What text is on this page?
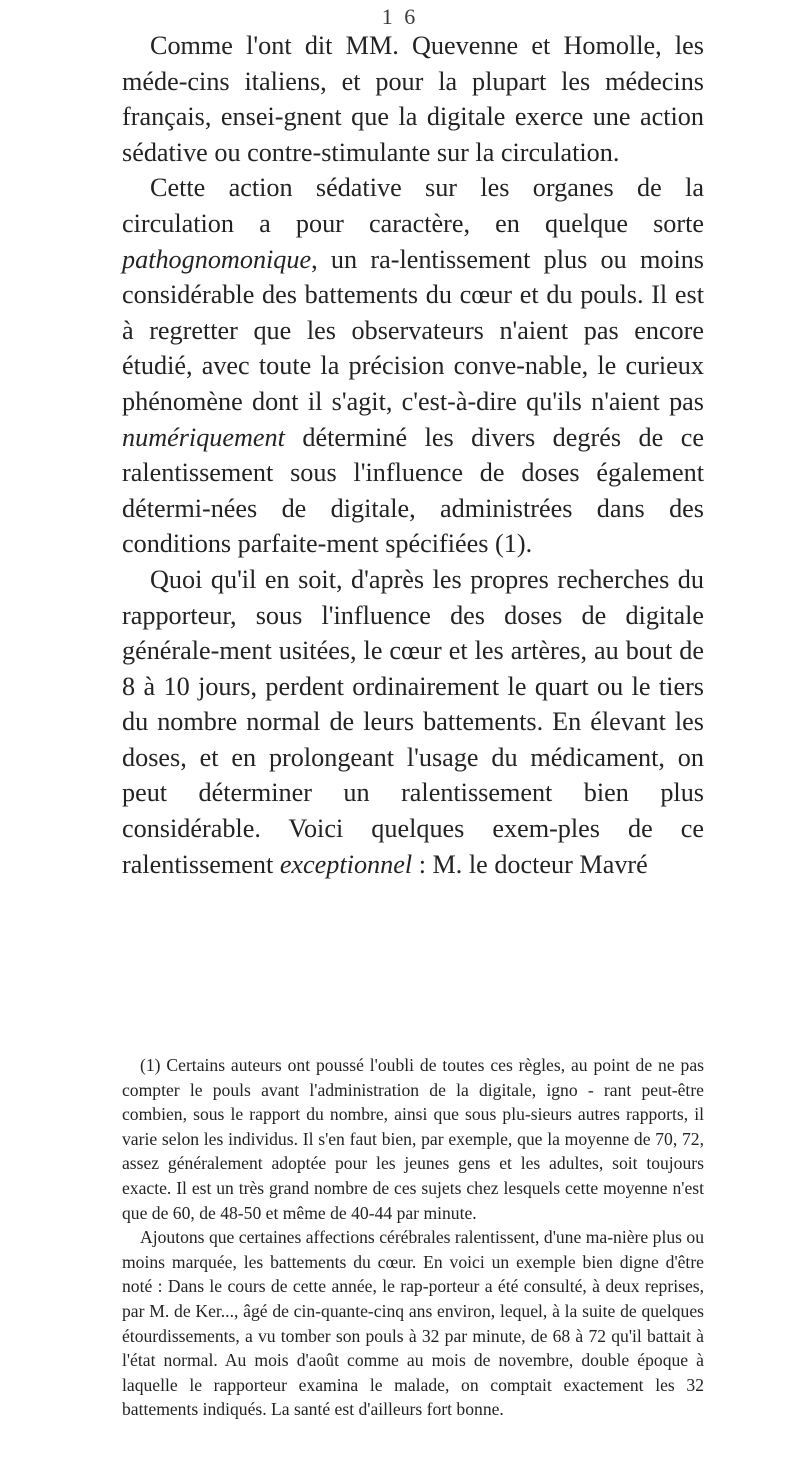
1 6

Comme l'ont dit MM. Quevenne et Homolle, les méde-cins italiens, et pour la plupart les médecins français, ensei-gnent que la digitale exerce une action sédative ou contre-stimulante sur la circulation.

Cette action sédative sur les organes de la circulation a pour caractère, en quelque sorte pathognomonique, un ra-lentissement plus ou moins considérable des battements du cœur et du pouls. Il est à regretter que les observateurs n'aient pas encore étudié, avec toute la précision conve-nable, le curieux phénomène dont il s'agit, c'est-à-dire qu'ils n'aient pas numériquement déterminé les divers degrés de ce ralentissement sous l'influence de doses également détermi-nées de digitale, administrées dans des conditions parfaite-ment spécifiées (1).

Quoi qu'il en soit, d'après les propres recherches du rapporteur, sous l'influence des doses de digitale générale-ment usitées, le cœur et les artères, au bout de 8 à 10 jours, perdent ordinairement le quart ou le tiers du nombre normal de leurs battements. En élevant les doses, et en prolongeant l'usage du médicament, on peut déterminer un ralentissement bien plus considérable. Voici quelques exem-ples de ce ralentissement exceptionnel : M. le docteur Mavré

(1) Certains auteurs ont poussé l'oubli de toutes ces règles, au point de ne pas compter le pouls avant l'administration de la digitale, igno - rant peut-être combien, sous le rapport du nombre, ainsi que sous plu-sieurs autres rapports, il varie selon les individus. Il s'en faut bien, par exemple, que la moyenne de 70, 72, assez généralement adoptée pour les jeunes gens et les adultes, soit toujours exacte. Il est un très grand nombre de ces sujets chez lesquels cette moyenne n'est que de 60, de 48-50 et même de 40-44 par minute.

Ajoutons que certaines affections cérébrales ralentissent, d'une ma-nière plus ou moins marquée, les battements du cœur. En voici un exemple bien digne d'être noté : Dans le cours de cette année, le rap-porteur a été consulté, à deux reprises, par M. de Ker..., âgé de cin-quante-cinq ans environ, lequel, à la suite de quelques étourdissements, a vu tomber son pouls à 32 par minute, de 68 à 72 qu'il battait à l'état normal. Au mois d'août comme au mois de novembre, double époque à laquelle le rapporteur examina le malade, on comptait exactement les 32 battements indiqués. La santé est d'ailleurs fort bonne.
